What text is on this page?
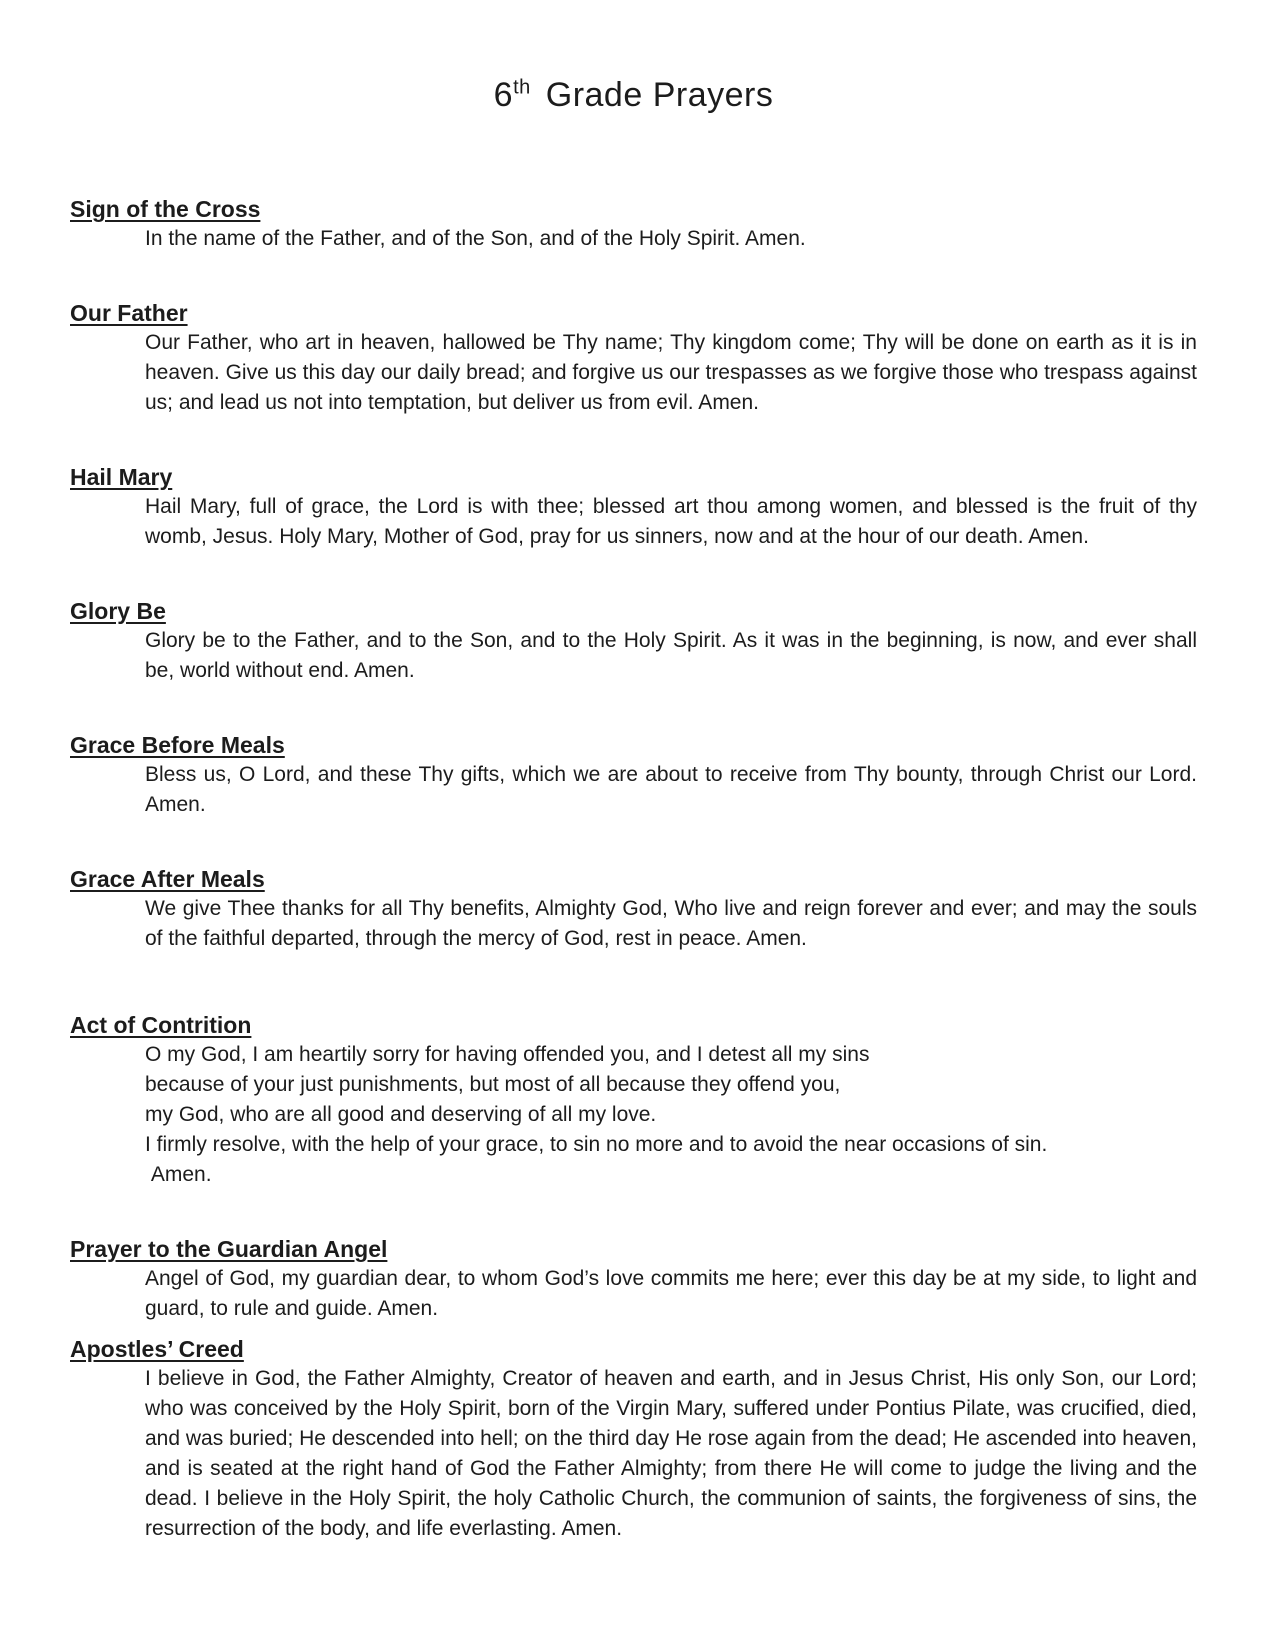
6th Grade Prayers
Sign of the Cross

In the name of the Father, and of the Son, and of the Holy Spirit. Amen.

Our Father

Our Father, who art in heaven, hallowed be Thy name; Thy kingdom come; Thy will be done on earth as it is in heaven. Give us this day our daily bread; and forgive us our trespasses as we forgive those who trespass against us; and lead us not into temptation, but deliver us from evil. Amen.

Hail Mary

Hail Mary, full of grace, the Lord is with thee; blessed art thou among women, and blessed is the fruit of thy womb, Jesus. Holy Mary, Mother of God, pray for us sinners, now and at the hour of our death. Amen.

Glory Be

Glory be to the Father, and to the Son, and to the Holy Spirit. As it was in the beginning, is now, and ever shall be, world without end. Amen.

Grace Before Meals

Bless us, O Lord, and these Thy gifts, which we are about to receive from Thy bounty, through Christ our Lord. Amen.

Grace After Meals

We give Thee thanks for all Thy benefits, Almighty God, Who live and reign forever and ever; and may the souls of the faithful departed, through the mercy of God, rest in peace. Amen.

Act of Contrition
O my God, I am heartily sorry for having offended you, and I detest all my sins
because of your just punishments, but most of all because they offend you,
my God, who are all good and deserving of all my love.
I firmly resolve, with the help of your grace, to sin no more and to avoid the near occasions of sin.
Amen.
Prayer to the Guardian Angel

Angel of God, my guardian dear, to whom God’s love commits me here; ever this day be at my side, to light and guard, to rule and guide. Amen.

Apostles’ Creed

I believe in God, the Father Almighty, Creator of heaven and earth, and in Jesus Christ, His only Son, our Lord; who was conceived by the Holy Spirit, born of the Virgin Mary, suffered under Pontius Pilate, was crucified, died, and was buried; He descended into hell; on the third day He rose again from the dead; He ascended into heaven, and is seated at the right hand of God the Father Almighty; from there He will come to judge the living and the dead. I believe in the Holy Spirit, the holy Catholic Church, the communion of saints, the forgiveness of sins, the resurrection of the body, and life everlasting. Amen.
